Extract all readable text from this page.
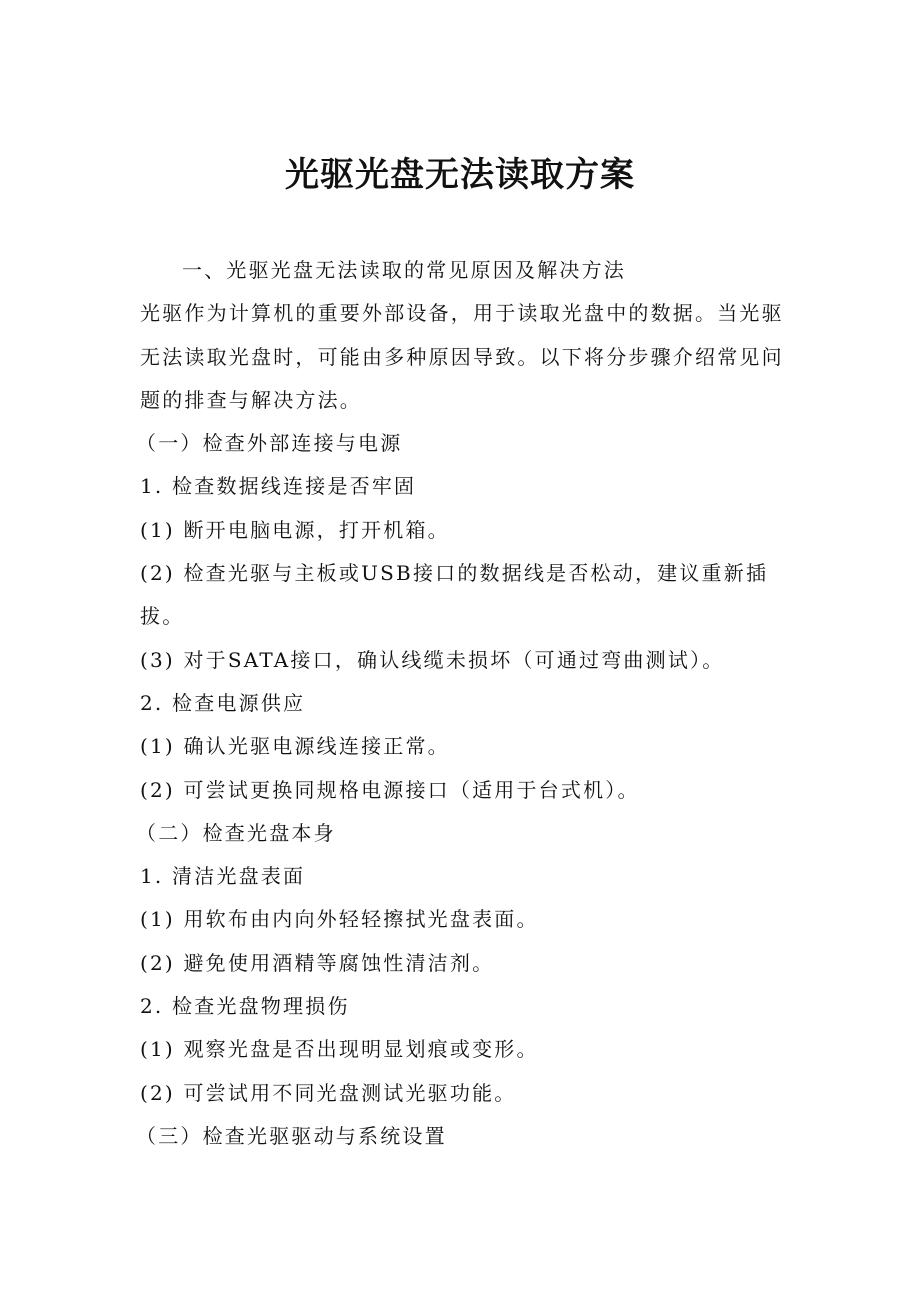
光驱光盘无法读取方案
一、光驱光盘无法读取的常见原因及解决方法
光驱作为计算机的重要外部设备，用于读取光盘中的数据。当光驱
无法读取光盘时，可能由多种原因导致。以下将分步骤介绍常见问
题的排查与解决方法。
（一）检查外部连接与电源
1. 检查数据线连接是否牢固
(1) 断开电脑电源，打开机箱。
(2) 检查光驱与主板或USB接口的数据线是否松动，建议重新插
拔。
(3) 对于SATA接口，确认线缆未损坏（可通过弯曲测试）。
2. 检查电源供应
(1) 确认光驱电源线连接正常。
(2) 可尝试更换同规格电源接口（适用于台式机）。
（二）检查光盘本身
1. 清洁光盘表面
(1) 用软布由内向外轻轻擦拭光盘表面。
(2) 避免使用酒精等腐蚀性清洁剂。
2. 检查光盘物理损伤
(1) 观察光盘是否出现明显划痕或变形。
(2) 可尝试用不同光盘测试光驱功能。
（三）检查光驱驱动与系统设置
